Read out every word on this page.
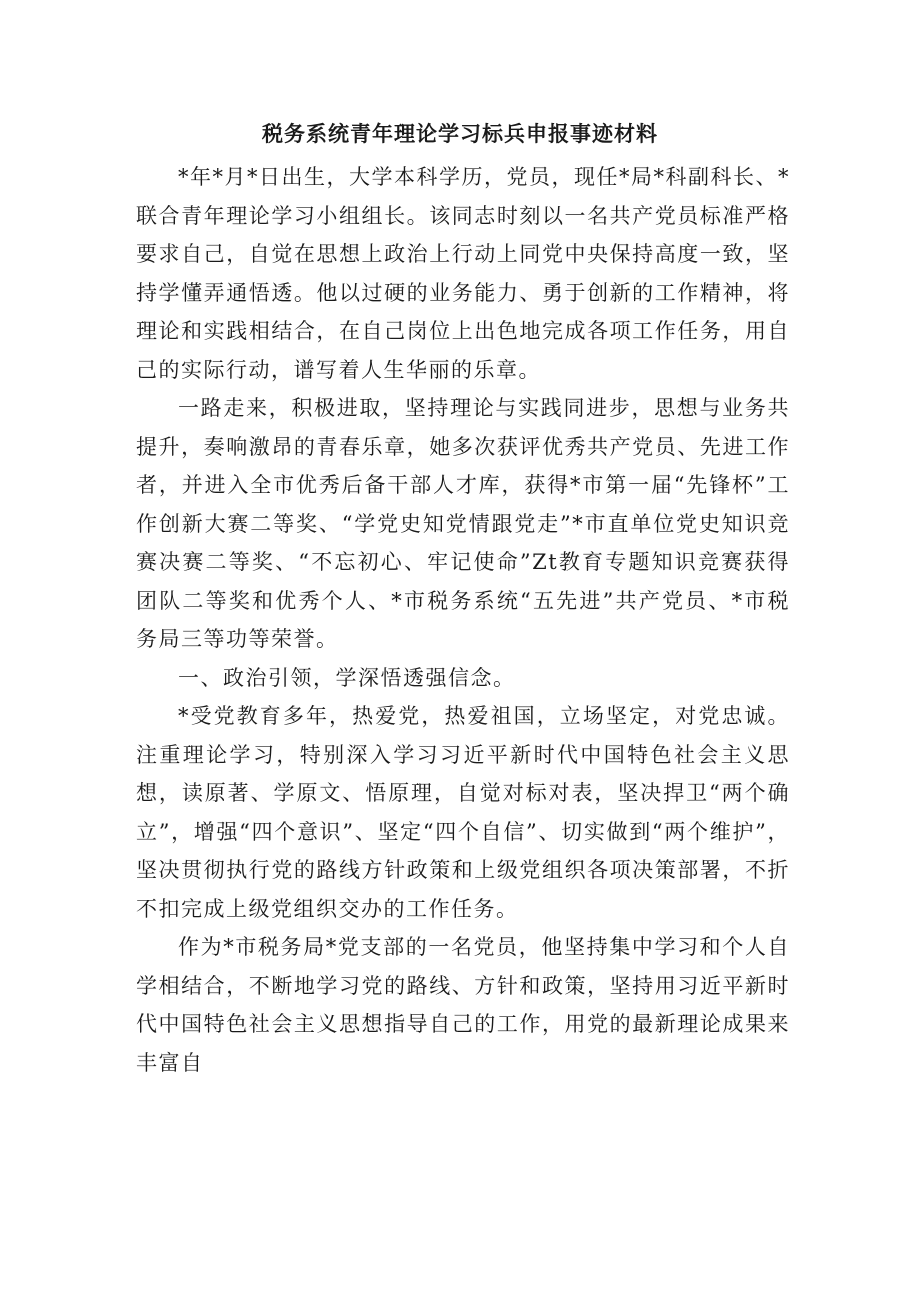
税务系统青年理论学习标兵申报事迹材料

*年*月*日出生，大学本科学历，党员，现任*局*科副科长、*联合青年理论学习小组组长。该同志时刻以一名共产党员标准严格要求自己，自觉在思想上政治上行动上同党中央保持高度一致，坚持学懂弄通悟透。他以过硬的业务能力、勇于创新的工作精神，将理论和实践相结合，在自己岗位上出色地完成各项工作任务，用自己的实际行动，谱写着人生华丽的乐章。

一路走来，积极进取，坚持理论与实践同进步，思想与业务共提升，奏响激昂的青春乐章，她多次获评优秀共产党员、先进工作者，并进入全市优秀后备干部人才库，获得*市第一届“先锋杯”工作创新大赛二等奖、“学党史知党情跟党走”*市直单位党史知识竞赛决赛二等奖、“不忘初心、牢记使命”Zt教育专题知识竞赛获得团队二等奖和优秀个人、*市税务系统“五先进”共产党员、*市税务局三等功等荣誉。

一、政治引领，学深悟透强信念。

*受党教育多年，热爱党，热爱祖国，立场坚定，对党忠诚。注重理论学习，特别深入学习习近平新时代中国特色社会主义思想，读原著、学原文、悟原理，自觉对标对表，坚决捍卫“两个确立”，增强“四个意识”、坚定“四个自信”、切实做到“两个维护”，坚决贯彻执行党的路线方针政策和上级党组织各项决策部署，不折不扣完成上级党组织交办的工作任务。

作为*市税务局*党支部的一名党员，他坚持集中学习和个人自学相结合，不断地学习党的路线、方针和政策，坚持用习近平新时代中国特色社会主义思想指导自己的工作，用党的最新理论成果来丰富自
